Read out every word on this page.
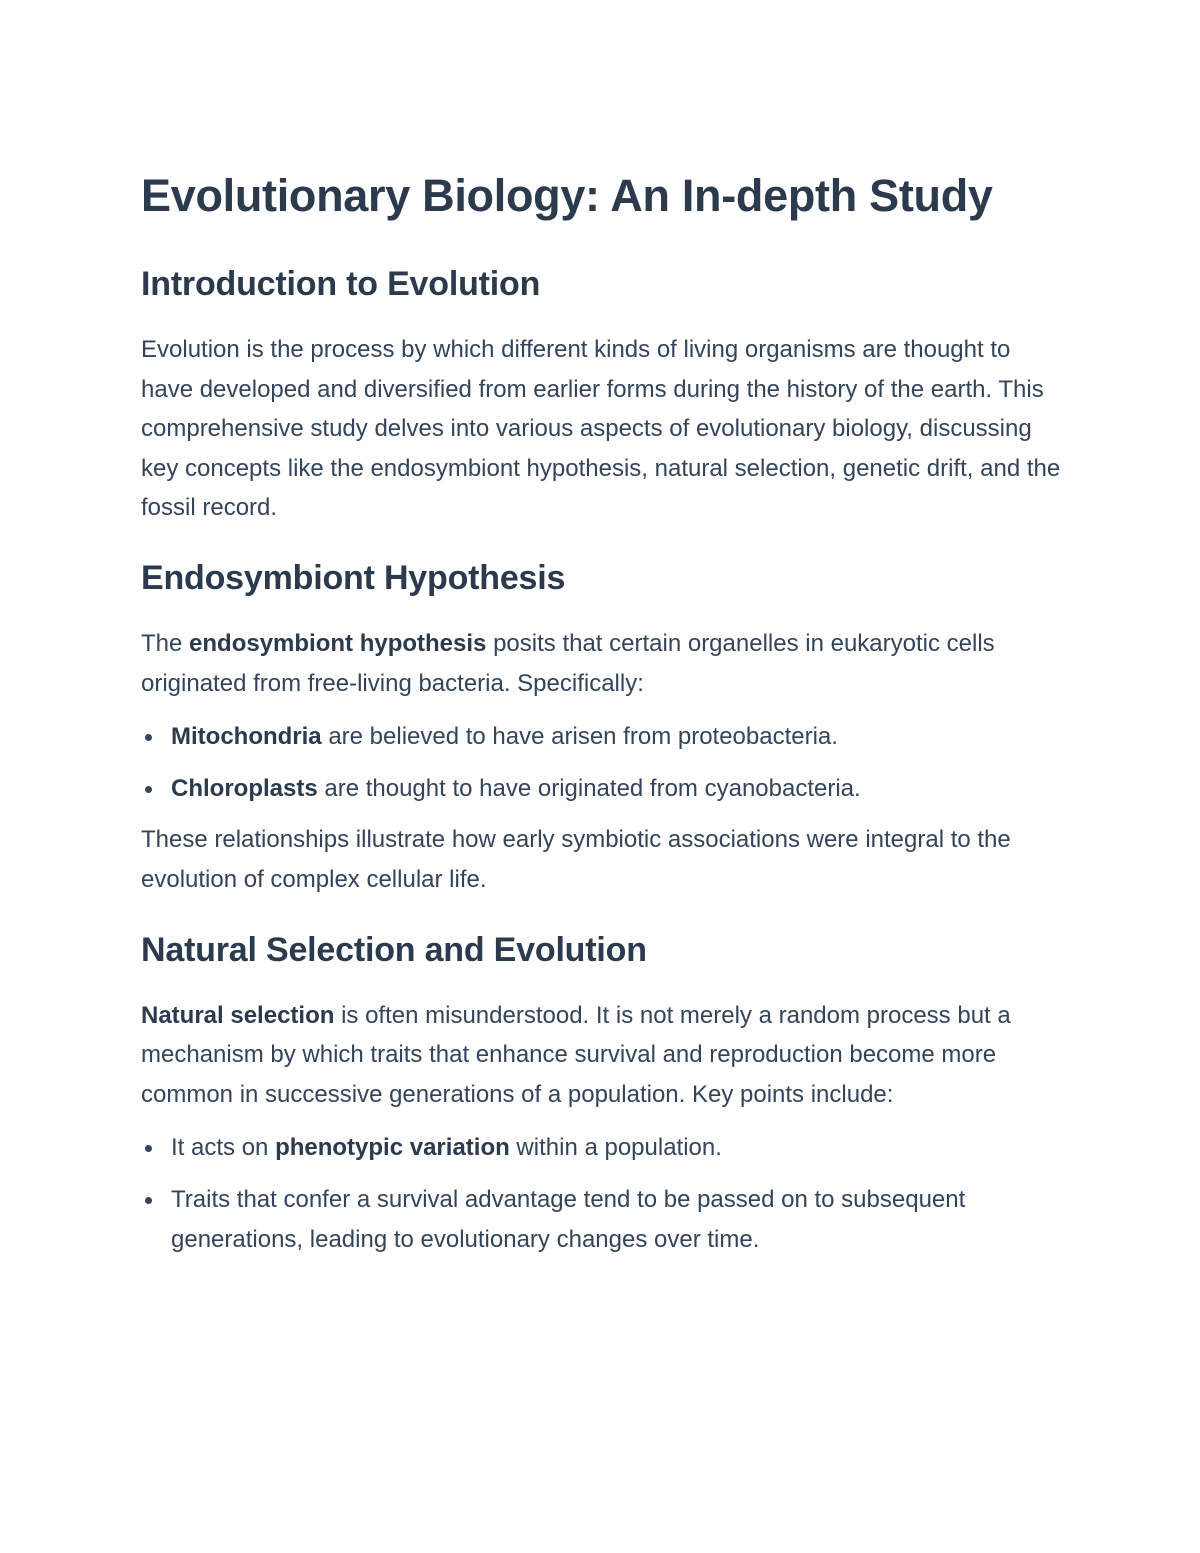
Evolutionary Biology: An In-depth Study
Introduction to Evolution

Evolution is the process by which different kinds of living organisms are thought to have developed and diversified from earlier forms during the history of the earth. This comprehensive study delves into various aspects of evolutionary biology, discussing key concepts like the endosymbiont hypothesis, natural selection, genetic drift, and the fossil record.

Endosymbiont Hypothesis

The endosymbiont hypothesis posits that certain organelles in eukaryotic cells originated from free-living bacteria. Specifically:

Mitochondria are believed to have arisen from proteobacteria.
Chloroplasts are thought to have originated from cyanobacteria.

These relationships illustrate how early symbiotic associations were integral to the evolution of complex cellular life.

Natural Selection and Evolution

Natural selection is often misunderstood. It is not merely a random process but a mechanism by which traits that enhance survival and reproduction become more common in successive generations of a population. Key points include:

It acts on phenotypic variation within a population.
Traits that confer a survival advantage tend to be passed on to subsequent generations, leading to evolutionary changes over time.
